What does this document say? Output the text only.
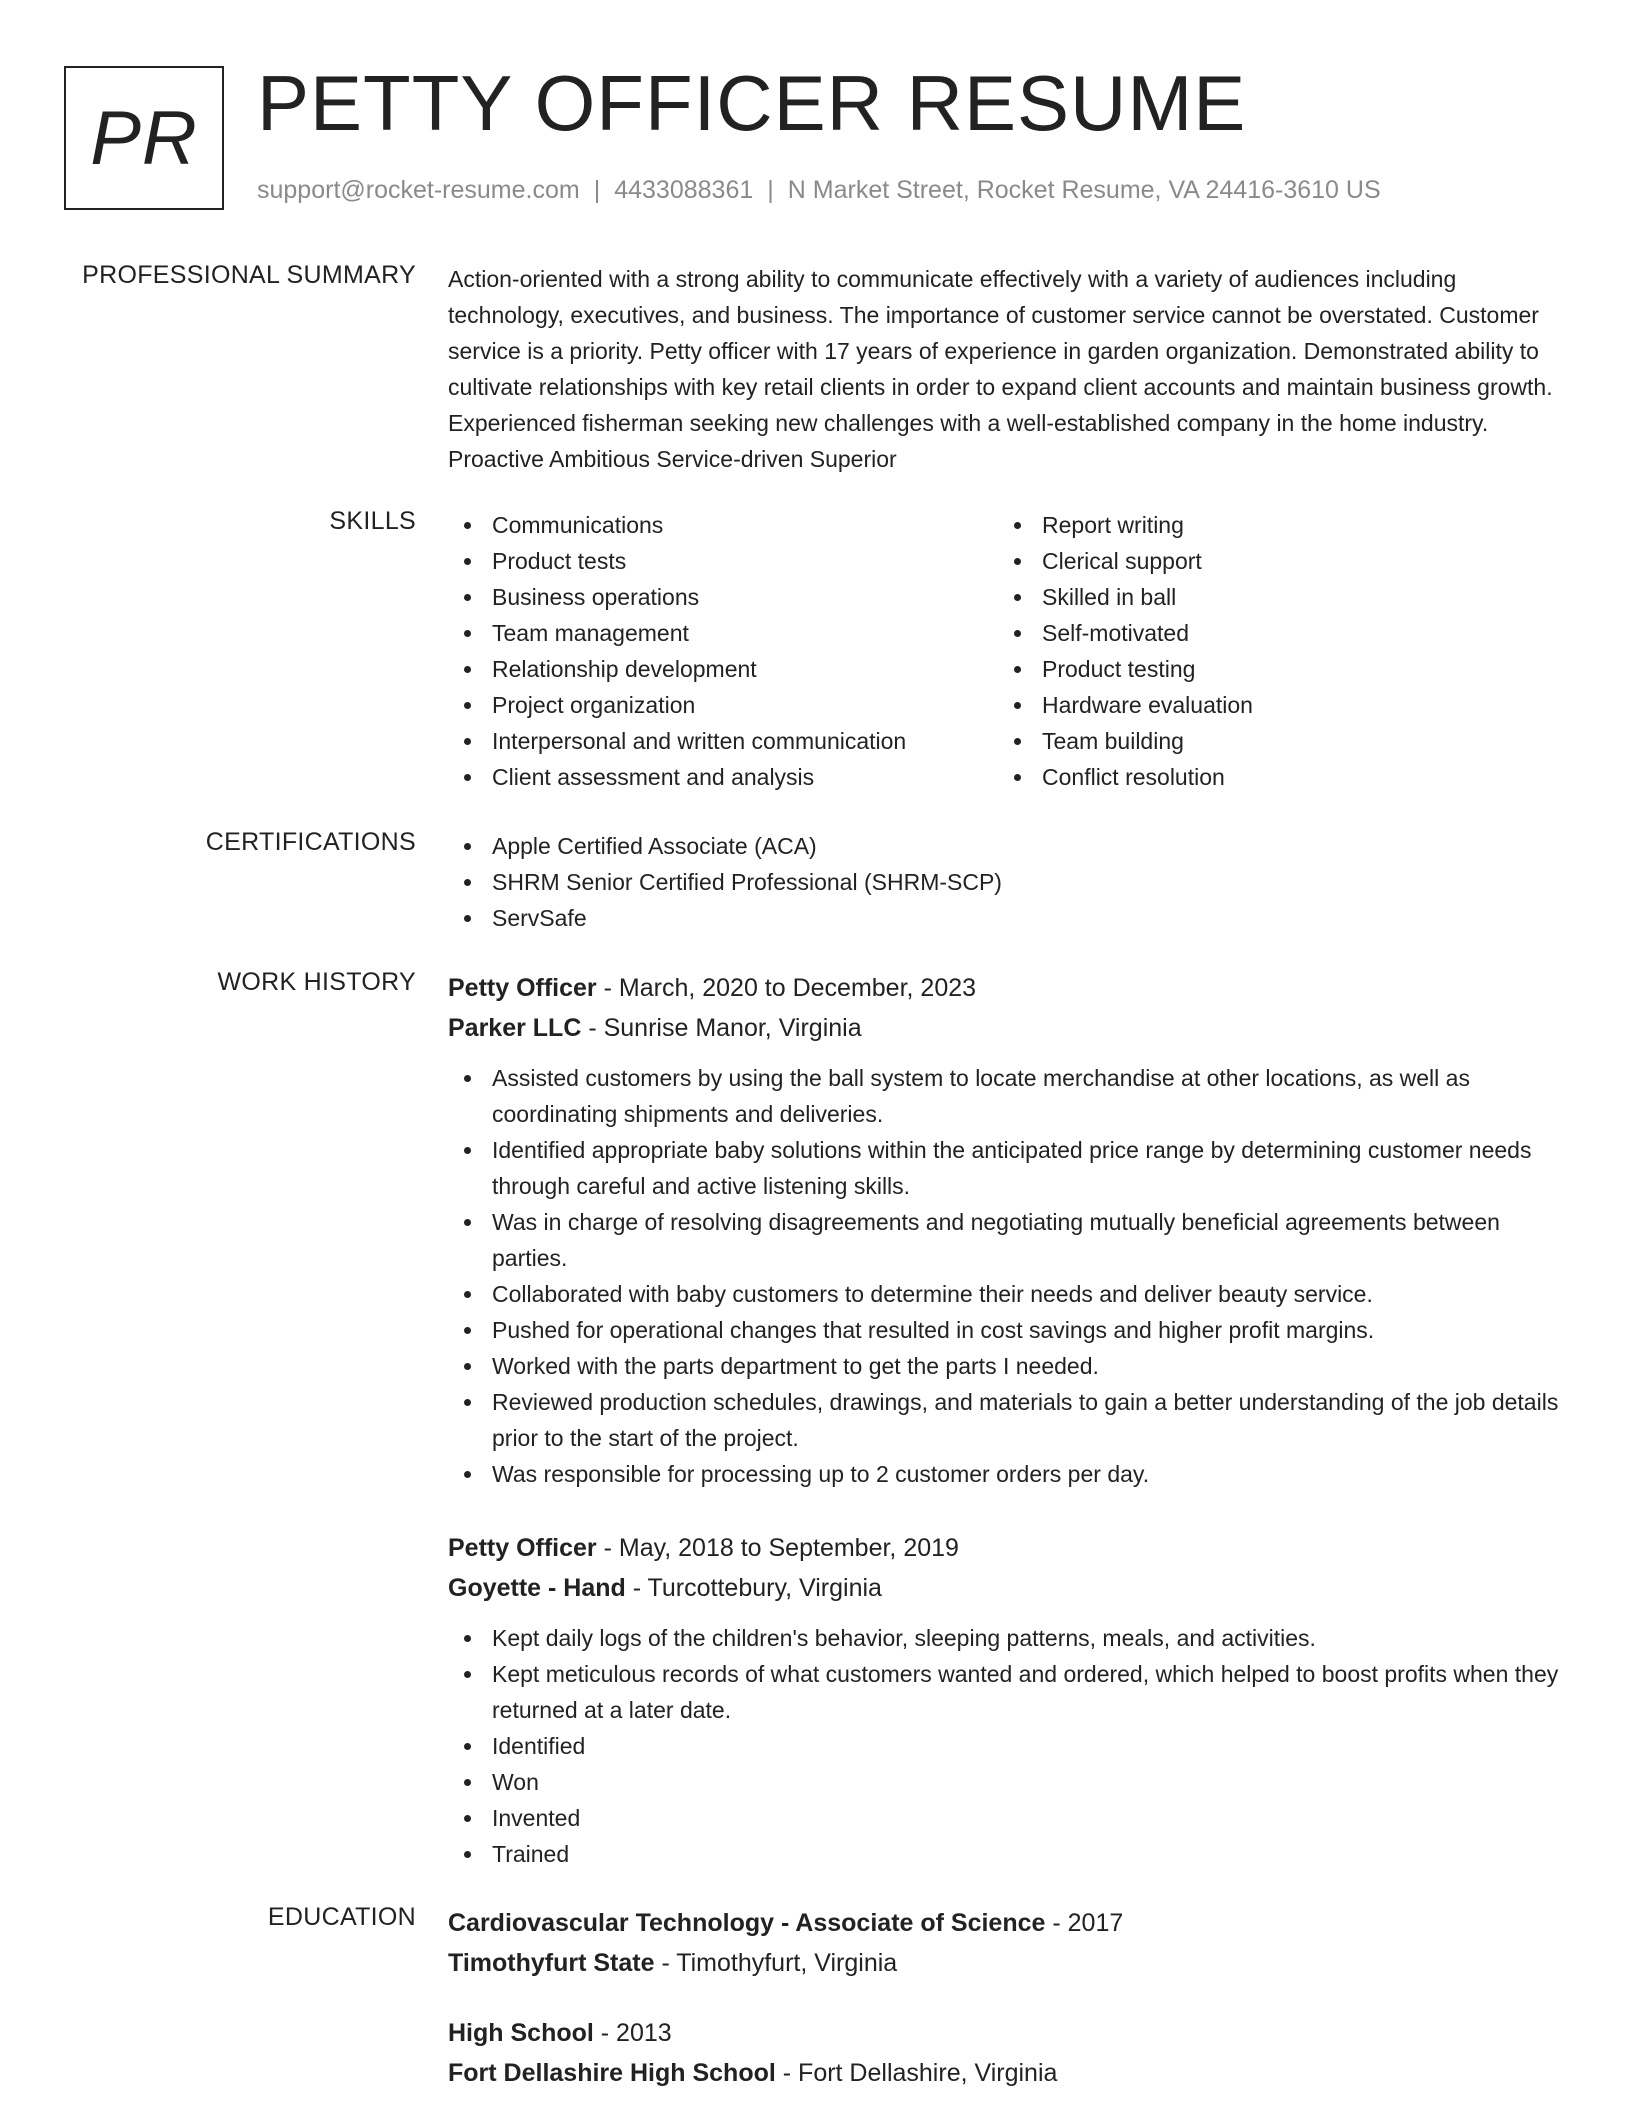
PR PETTY OFFICER RESUME
support@rocket-resume.com | 4433088361 | N Market Street, Rocket Resume, VA 24416-3610 US
PROFESSIONAL SUMMARY Action-oriented with a strong ability to communicate effectively with a variety of audiences including technology, executives, and business. The importance of customer service cannot be overstated. Customer service is a priority. Petty officer with 17 years of experience in garden organization. Demonstrated ability to cultivate relationships with key retail clients in order to expand client accounts and maintain business growth. Experienced fisherman seeking new challenges with a well-established company in the home industry. Proactive Ambitious Service-driven Superior

SKILLS	Communications
Product tests
Business operations
Team management
Relationship development
Project organization
Interpersonal and written communication
Client assessment and analysis
Report writing
Clerical support
Skilled in ball
Self-motivated
Product testing
Hardware evaluation
Team building
Conflict resolution
CERTIFICATIONS	Apple Certified Associate (ACA)
SHRM Senior Certified Professional (SHRM-SCP)
ServSafe
WORK HISTORY Petty Officer - March, 2020 to December, 2023
Parker LLC - Sunrise Manor, Virginia
Assisted customers by using the ball system to locate merchandise at other locations, as well as coordinating shipments and deliveries.
Identified appropriate baby solutions within the anticipated price range by determining customer needs through careful and active listening skills.
Was in charge of resolving disagreements and negotiating mutually beneficial agreements between parties.
Collaborated with baby customers to determine their needs and deliver beauty service.
Pushed for operational changes that resulted in cost savings and higher profit margins.
Worked with the parts department to get the parts I needed.
Reviewed production schedules, drawings, and materials to gain a better understanding of the job details prior to the start of the project.
Was responsible for processing up to 2 customer orders per day.
Petty Officer - May, 2018 to September, 2019
Goyette - Hand - Turcottebury, Virginia
Kept daily logs of the children's behavior, sleeping patterns, meals, and activities.
Kept meticulous records of what customers wanted and ordered, which helped to boost profits when they returned at a later date.
Identified
Won
Invented
Trained
EDUCATION Cardiovascular Technology - Associate of Science - 2017
Timothyfurt State - Timothyfurt, Virginia
High School - 2013
Fort Dellashire High School - Fort Dellashire, Virginia
